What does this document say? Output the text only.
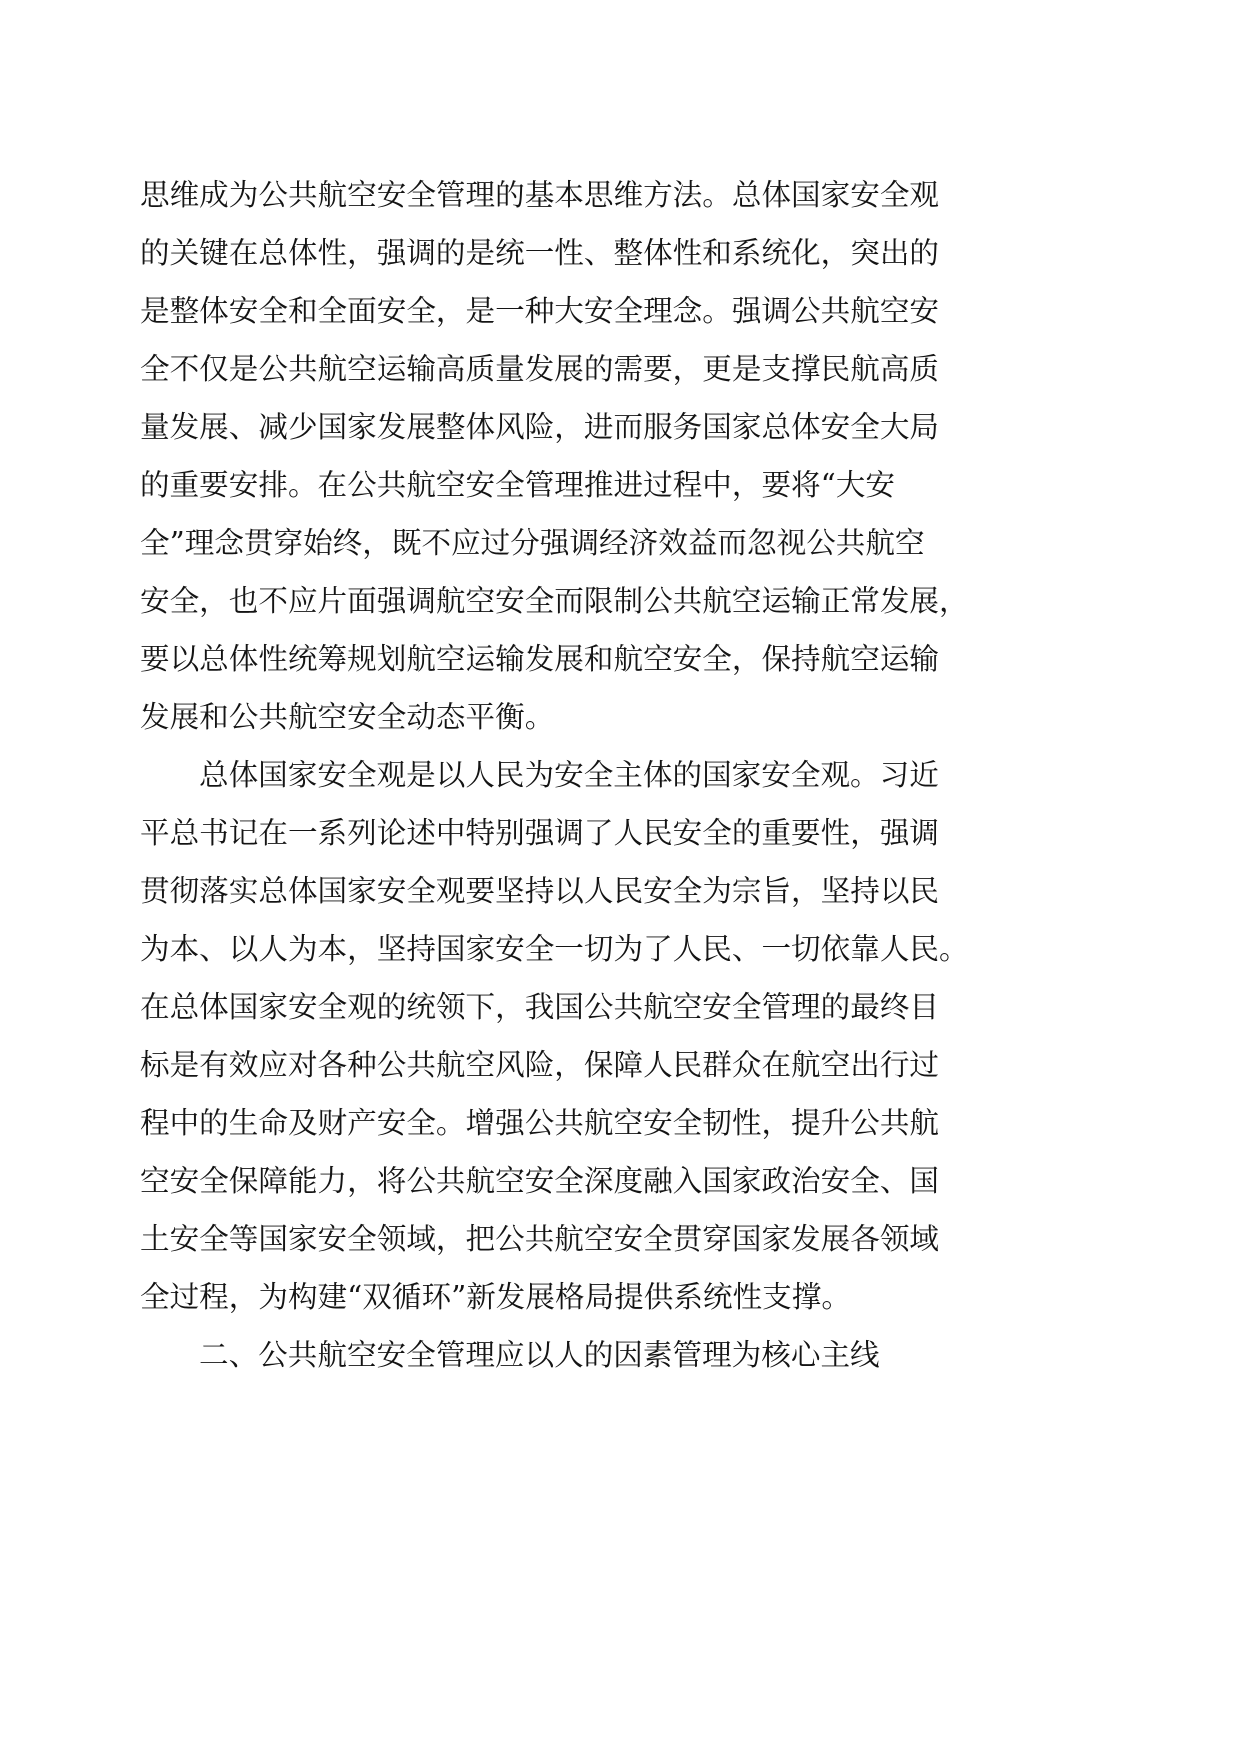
思维成为公共航空安全管理的基本思维方法。总体国家安全观
的关键在总体性，强调的是统一性、整体性和系统化，突出的
是整体安全和全面安全，是一种大安全理念。强调公共航空安
全不仅是公共航空运输高质量发展的需要，更是支撑民航高质
量发展、减少国家发展整体风险，进而服务国家总体安全大局
的重要安排。在公共航空安全管理推进过程中，要将“大安
全”理念贯穿始终，既不应过分强调经济效益而忽视公共航空
安全，也不应片面强调航空安全而限制公共航空运输正常发展，
要以总体性统筹规划航空运输发展和航空安全，保持航空运输
发展和公共航空安全动态平衡。
总体国家安全观是以人民为安全主体的国家安全观。习近
平总书记在一系列论述中特别强调了人民安全的重要性，强调
贯彻落实总体国家安全观要坚持以人民安全为宗旨，坚持以民
为本、以人为本，坚持国家安全一切为了人民、一切依靠人民。
在总体国家安全观的统领下，我国公共航空安全管理的最终目
标是有效应对各种公共航空风险，保障人民群众在航空出行过
程中的生命及财产安全。增强公共航空安全韧性，提升公共航
空安全保障能力，将公共航空安全深度融入国家政治安全、国
土安全等国家安全领域，把公共航空安全贯穿国家发展各领域
全过程，为构建“双循环”新发展格局提供系统性支撑。
二、公共航空安全管理应以人的因素管理为核心主线
